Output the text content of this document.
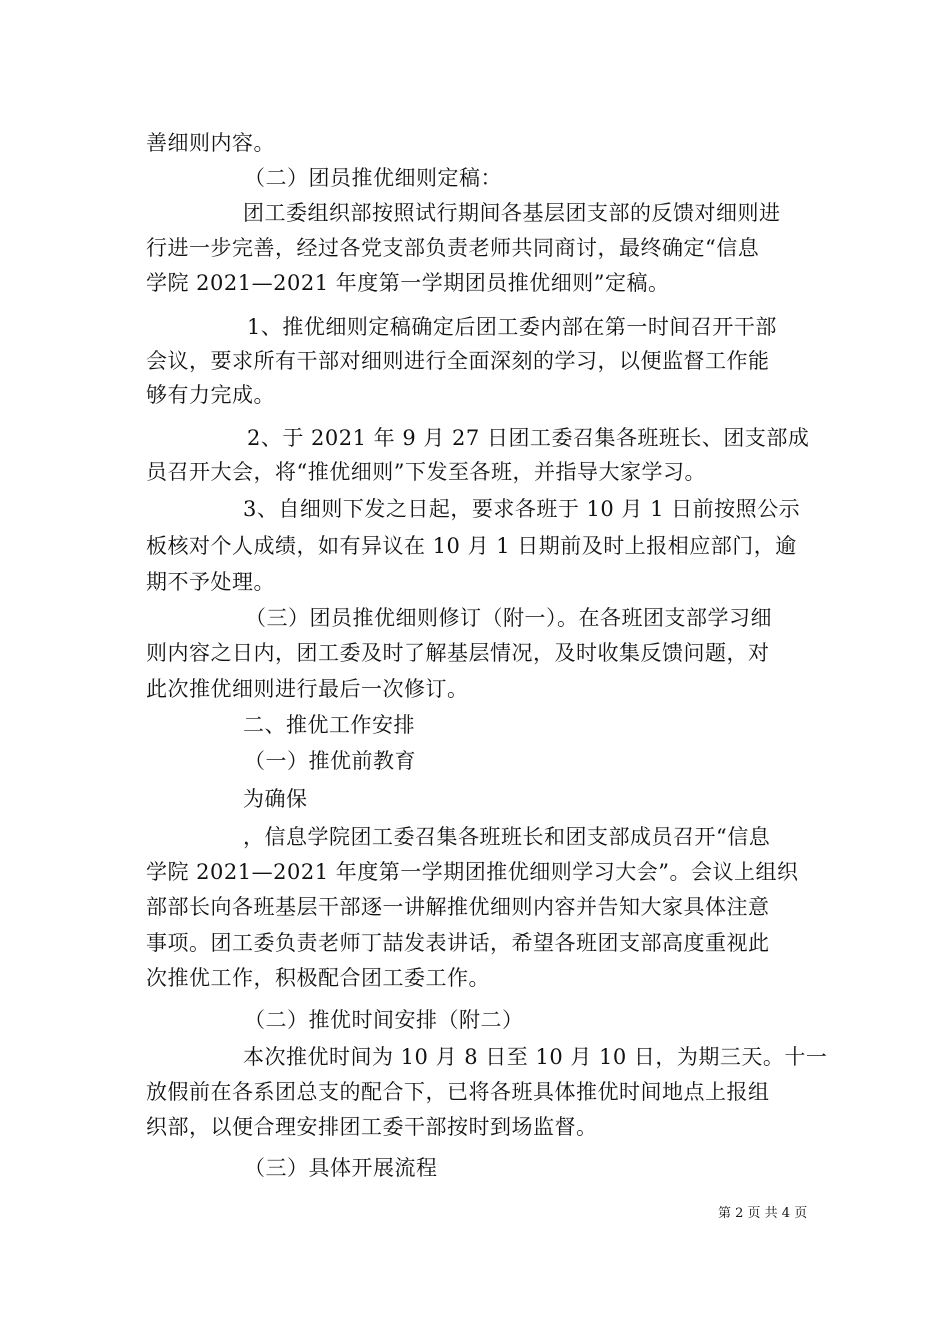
善细则内容。
（二）团员推优细则定稿：
团工委组织部按照试行期间各基层团支部的反馈对细则进
行进一步完善，经过各党支部负责老师共同商讨，最终确定“信息
学院 2021—2021 年度第一学期团员推优细则”定稿。
1、推优细则定稿确定后团工委内部在第一时间召开干部
会议，要求所有干部对细则进行全面深刻的学习，以便监督工作能
够有力完成。
2、于 2021 年 9 月 27 日团工委召集各班班长、团支部成
员召开大会，将“推优细则”下发至各班，并指导大家学习。
3、自细则下发之日起，要求各班于 10 月 1 日前按照公示
板核对个人成绩，如有异议在 10 月 1 日期前及时上报相应部门，逾
期不予处理。
（三）团员推优细则修订（附一）。在各班团支部学习细
则内容之日内，团工委及时了解基层情况，及时收集反馈问题，对
此次推优细则进行最后一次修订。
二、推优工作安排
（一）推优前教育
为确保
，信息学院团工委召集各班班长和团支部成员召开“信息
学院 2021—2021 年度第一学期团推优细则学习大会”。会议上组织
部部长向各班基层干部逐一讲解推优细则内容并告知大家具体注意
事项。团工委负责老师丁喆发表讲话，希望各班团支部高度重视此
次推优工作，积极配合团工委工作。
（二）推优时间安排（附二）
本次推优时间为 10 月 8 日至 10 月 10 日，为期三天。十一
放假前在各系团总支的配合下，已将各班具体推优时间地点上报组
织部，以便合理安排团工委干部按时到场监督。
（三）具体开展流程
第 2 页 共 4 页
